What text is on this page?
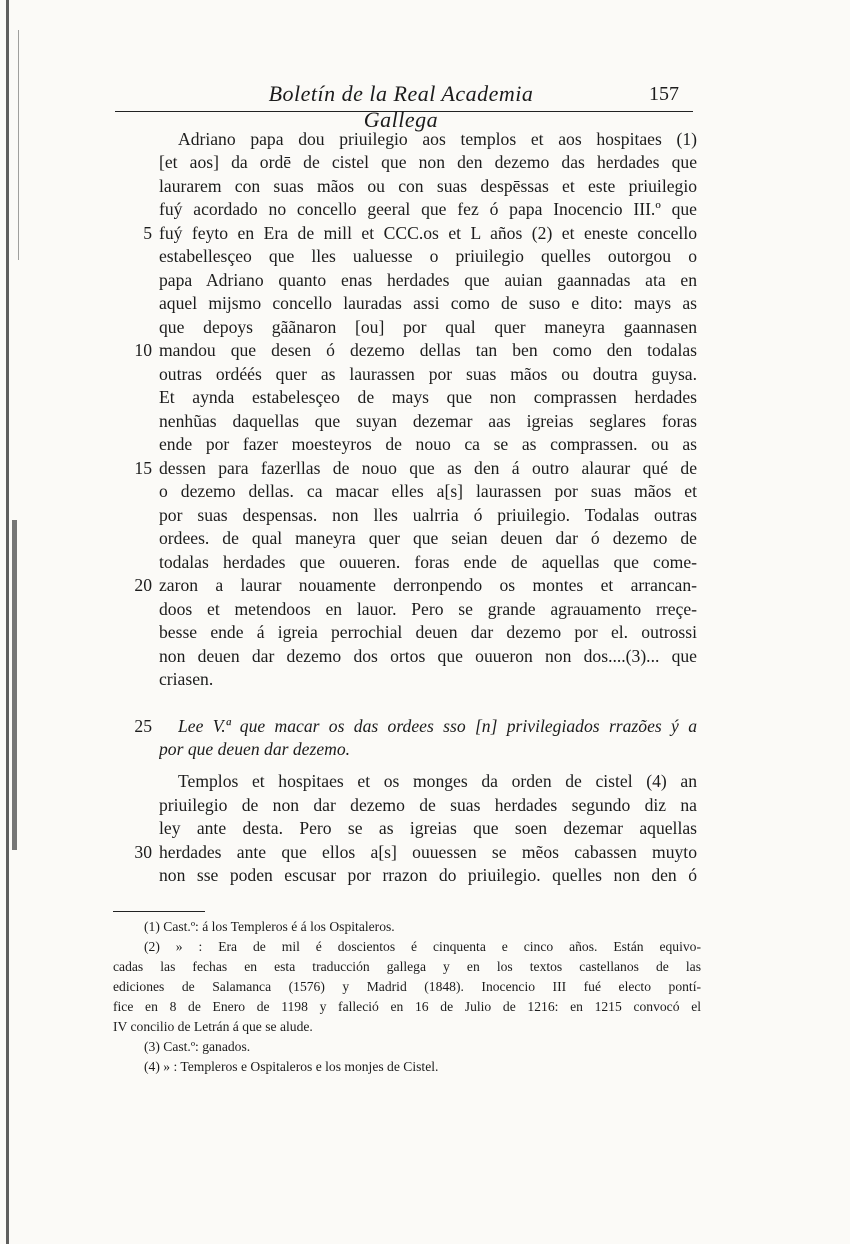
Boletín de la Real Academia Gallega
157
Adriano papa dou priuilegio aos templos et aos hospitaes (1)
[et aos] da ordē de cistel que non den dezemo das herdades que
laurarem con suas mãos ou con suas despēssas et este priuilegio
fuý acordado no concello geeral que fez ó papa Inocencio III.º que
fuý feyto en Era de mill et CCC.os et L años (2) et eneste concello
estabellesçeo que lles ualuesse o priuilegio quelles outorgou o
papa Adriano quanto enas herdades que auian gaannadas ata en
aquel mijsmo concello lauradas assi como de suso e dito: mays as
que depoys gããnaron [ou] por qual quer maneyra gaannasen
mandou que desen ó dezemo dellas tan ben como den todalas
outras ordéés quer as laurassen por suas mãos ou doutra guysa.
Et aynda estabelesçeo de mays que non comprassen herdades
nenhũas daquellas que suyan dezemar aas igreias seglares foras
ende por fazer moesteyros de nouo ca se as comprassen. ou as
dessen para fazerllas de nouo que as den á outro alaurar qué de
o dezemo dellas. ca macar elles a[s] laurassen por suas mãos et
por suas despensas. non lles ualrria ó priuilegio. Todalas outras
ordees. de qual maneyra quer que seian deuen dar ó dezemo de
todalas herdades que ouueren. foras ende de aquellas que come-
zaron a laurar nouamente derronpendo os montes et arrancan-
doos et metendoos en lauor. Pero se grande agrauamento rreçe-
besse ende á igreia perrochial deuen dar dezemo por el. outrossi
non deuen dar dezemo dos ortos que ouueron non dos....(3)... que
criasen.
Lee V.ª que macar os das ordees sso [n] privilegiados rrazões ý a
por que deuen dar dezemo.
Templos et hospitaes et os monges da orden de cistel (4) an
priuilegio de non dar dezemo de suas herdades segundo diz na
ley ante desta. Pero se as igreias que soen dezemar aquellas
herdades ante que ellos a[s] ouuessen se mẽos cabassen muyto
non sse poden escusar por rrazon do priuilegio. quelles non den ó
5
10
15
20
25
30
(1) Cast.º: á los Templeros é á los Ospitaleros.
(2) » : Era de mil é doscientos é cinquenta e cinco años. Están equivo-
cadas las fechas en esta traducción gallega y en los textos castellanos de las
ediciones de Salamanca (1576) y Madrid (1848). Inocencio III fué electo pontí-
fice en 8 de Enero de 1198 y falleció en 16 de Julio de 1216: en 1215 convocó el
IV concilio de Letrán á que se alude.
(3) Cast.º: ganados.
(4) » : Templeros e Ospitaleros e los monjes de Cistel.
